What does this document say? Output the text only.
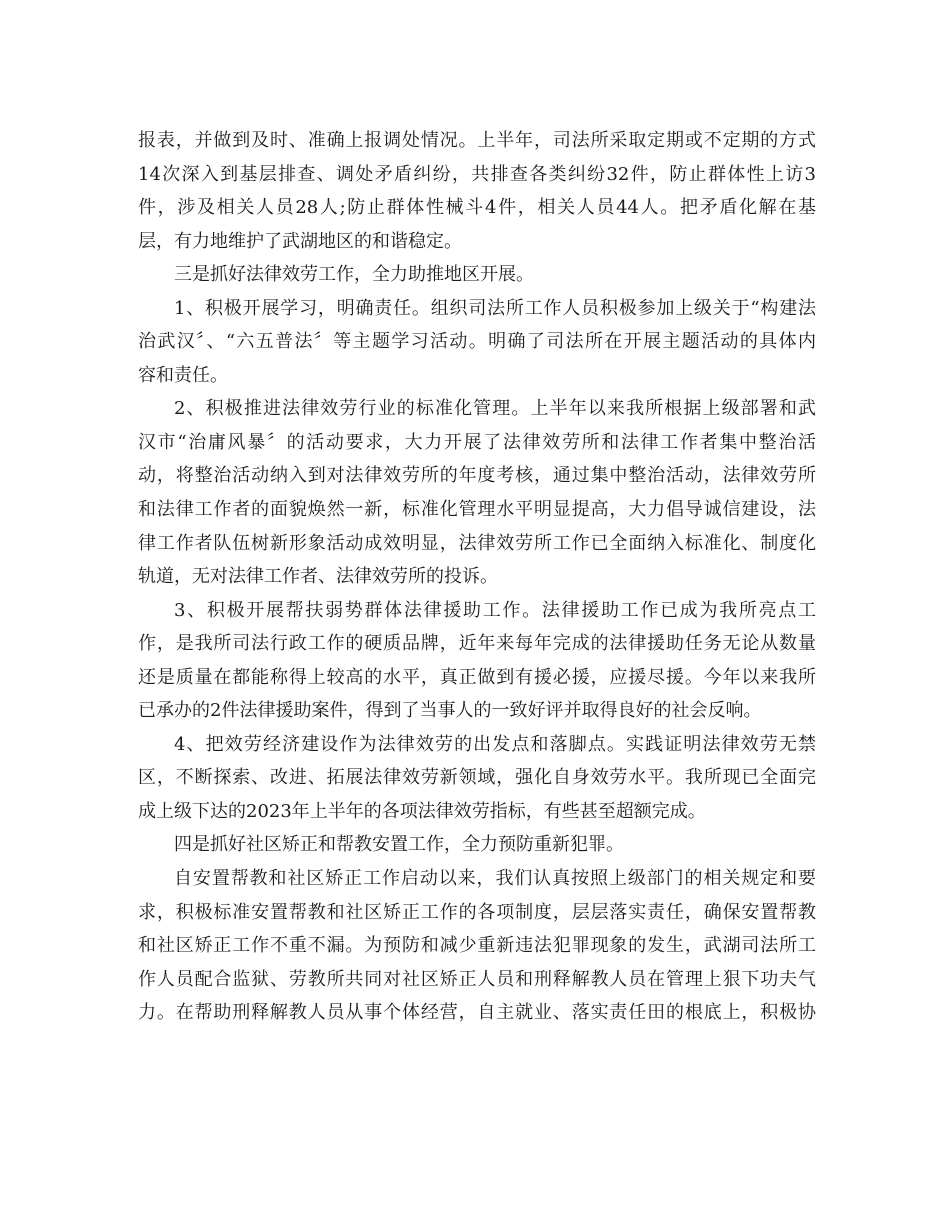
报表，并做到及时、准确上报调处情况。上半年，司法所采取定期或不定期的方式
14次深入到基层排查、调处矛盾纠纷，共排查各类纠纷32件，防止群体性上访3
件，涉及相关人员28人;防止群体性械斗4件，相关人员44人。把矛盾化解在基
层，有力地维护了武湖地区的和谐稳定。
三是抓好法律效劳工作，全力助推地区开展。
1、积极开展学习，明确责任。组织司法所工作人员积极参加上级关于“构建法
治武汉〞、“六五普法〞等主题学习活动。明确了司法所在开展主题活动的具体内
容和责任。
2、积极推进法律效劳行业的标准化管理。上半年以来我所根据上级部署和武
汉市“治庸风暴〞的活动要求，大力开展了法律效劳所和法律工作者集中整治活
动，将整治活动纳入到对法律效劳所的年度考核，通过集中整治活动，法律效劳所
和法律工作者的面貌焕然一新，标准化管理水平明显提高，大力倡导诚信建设，法
律工作者队伍树新形象活动成效明显，法律效劳所工作已全面纳入标准化、制度化
轨道，无对法律工作者、法律效劳所的投诉。
3、积极开展帮扶弱势群体法律援助工作。法律援助工作已成为我所亮点工
作，是我所司法行政工作的硬质品牌，近年来每年完成的法律援助任务无论从数量
还是质量在都能称得上较高的水平，真正做到有援必援，应援尽援。今年以来我所
已承办的2件法律援助案件，得到了当事人的一致好评并取得良好的社会反响。
4、把效劳经济建设作为法律效劳的出发点和落脚点。实践证明法律效劳无禁
区，不断探索、改进、拓展法律效劳新领域，强化自身效劳水平。我所现已全面完
成上级下达的2023年上半年的各项法律效劳指标，有些甚至超额完成。
四是抓好社区矫正和帮教安置工作，全力预防重新犯罪。
自安置帮教和社区矫正工作启动以来，我们认真按照上级部门的相关规定和要
求，积极标准安置帮教和社区矫正工作的各项制度，层层落实责任，确保安置帮教
和社区矫正工作不重不漏。为预防和减少重新违法犯罪现象的发生，武湖司法所工
作人员配合监狱、劳教所共同对社区矫正人员和刑释解教人员在管理上狠下功夫气
力。在帮助刑释解教人员从事个体经营，自主就业、落实责任田的根底上，积极协
